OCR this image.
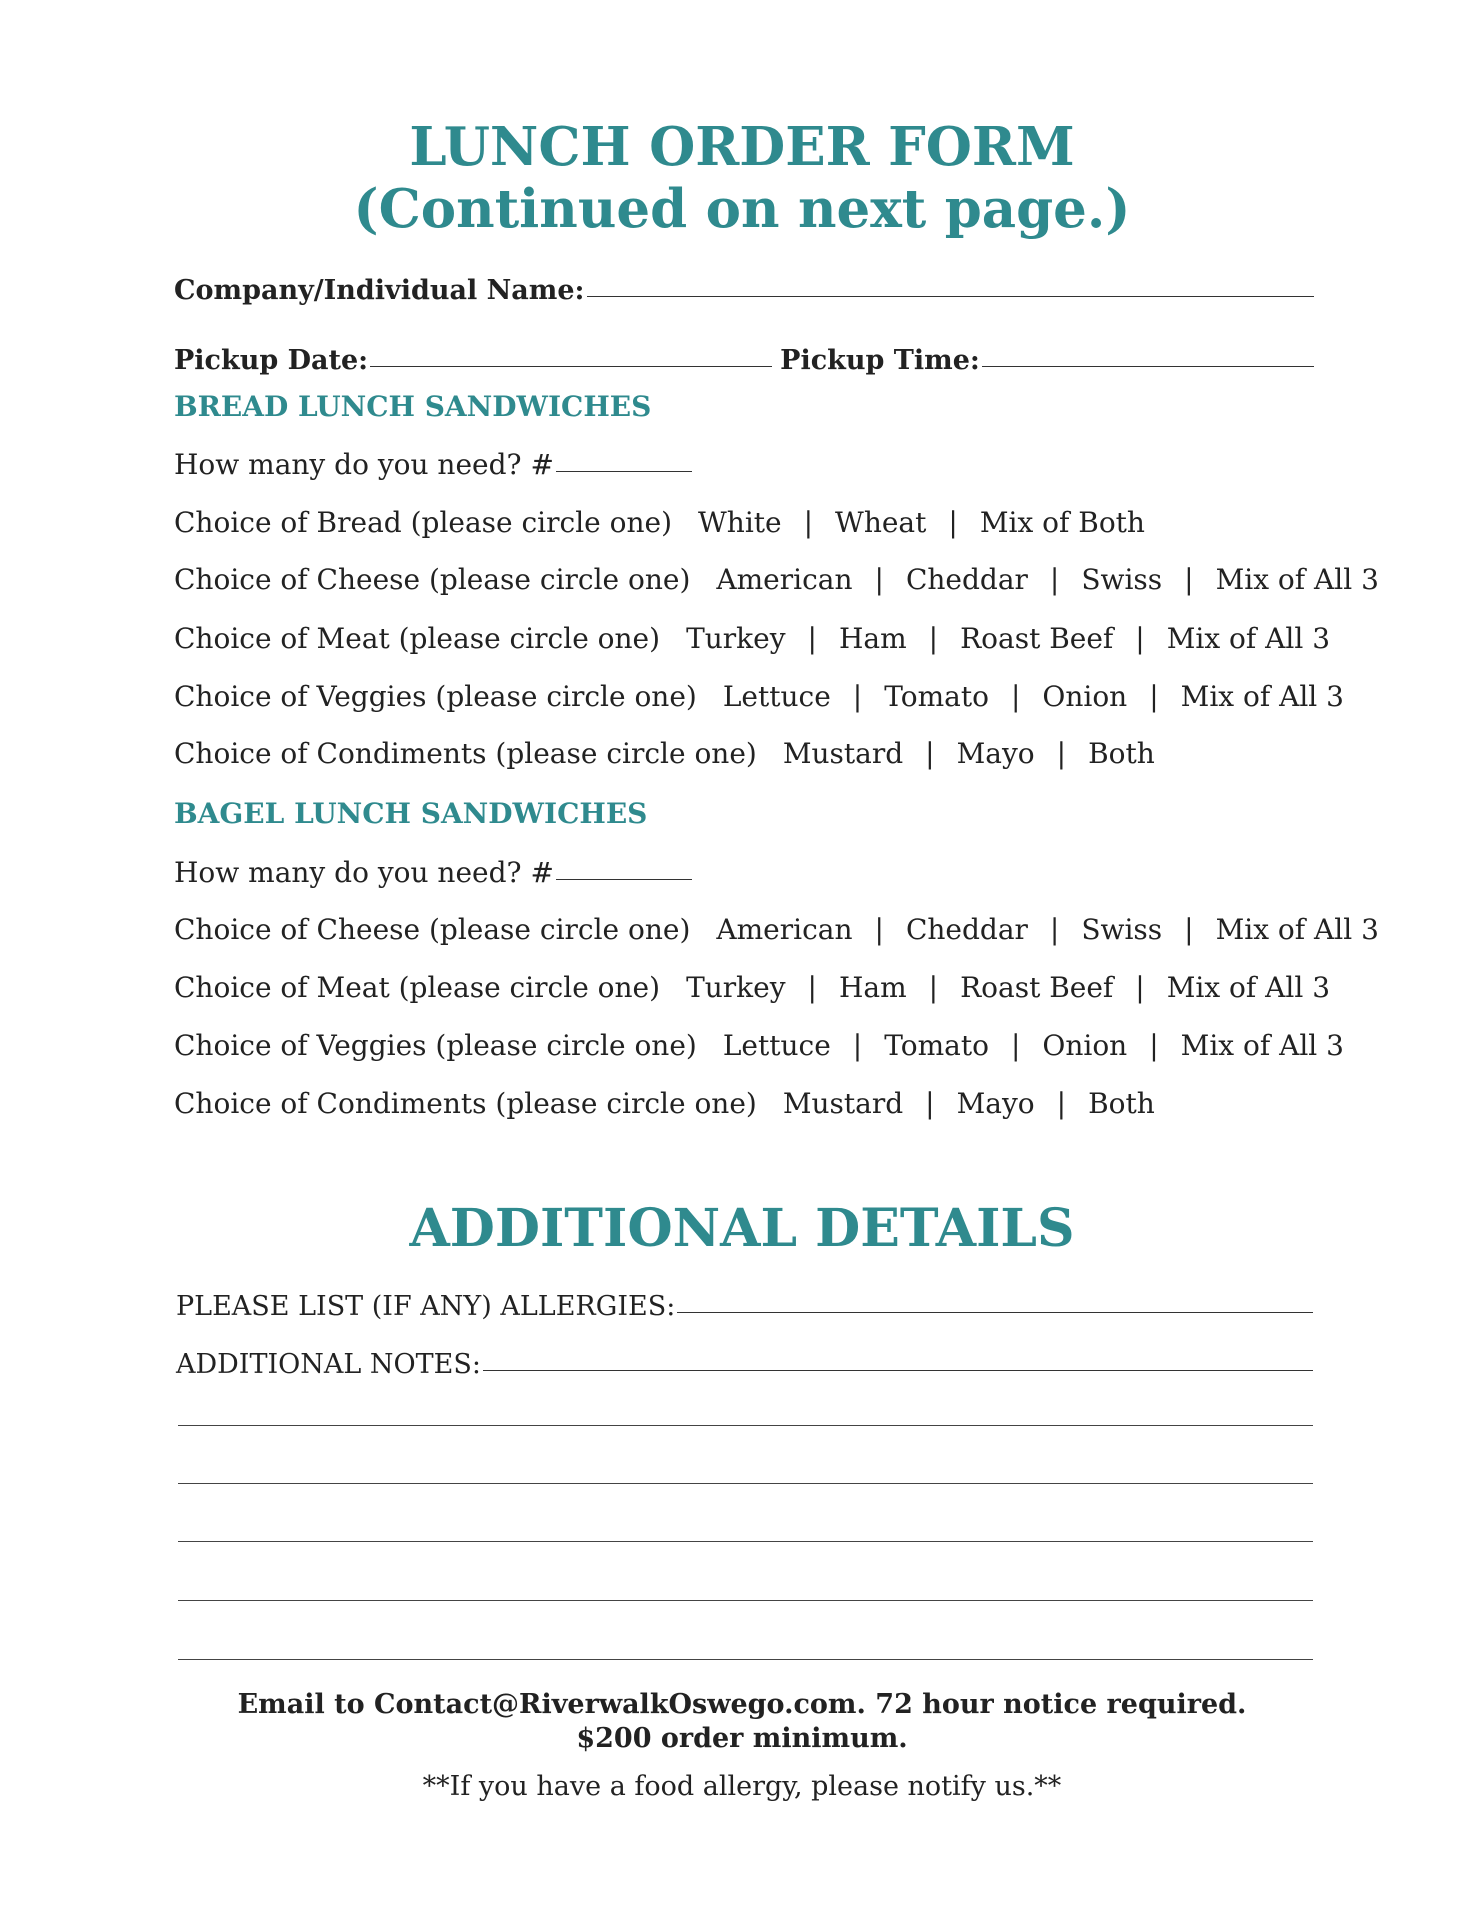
LUNCH ORDER FORM
(Continued on next page.)
Company/Individual Name:
Pickup Date:	Pickup Time:
BREAD LUNCH SANDWICHES
How many do you need? #
Choice of Bread (please circle one) White | Wheat | Mix of Both
Choice of Cheese (please circle one) American | Cheddar | Swiss | Mix of All 3
Choice of Meat (please circle one) Turkey | Ham | Roast Beef | Mix of All 3
Choice of Veggies (please circle one) Lettuce | Tomato | Onion | Mix of All 3
Choice of Condiments (please circle one) Mustard | Mayo | Both
BAGEL LUNCH SANDWICHES
How many do you need? #
Choice of Cheese (please circle one) American | Cheddar | Swiss | Mix of All 3
Choice of Meat (please circle one) Turkey | Ham | Roast Beef | Mix of All 3
Choice of Veggies (please circle one) Lettuce | Tomato | Onion | Mix of All 3
Choice of Condiments (please circle one) Mustard | Mayo | Both
ADDITIONAL DETAILS
PLEASE LIST (IF ANY) ALLERGIES:
ADDITIONAL NOTES:
Email to Contact@RiverwalkOswego.com. 72 hour notice required.
$200 order minimum.
**If you have a food allergy, please notify us.**
